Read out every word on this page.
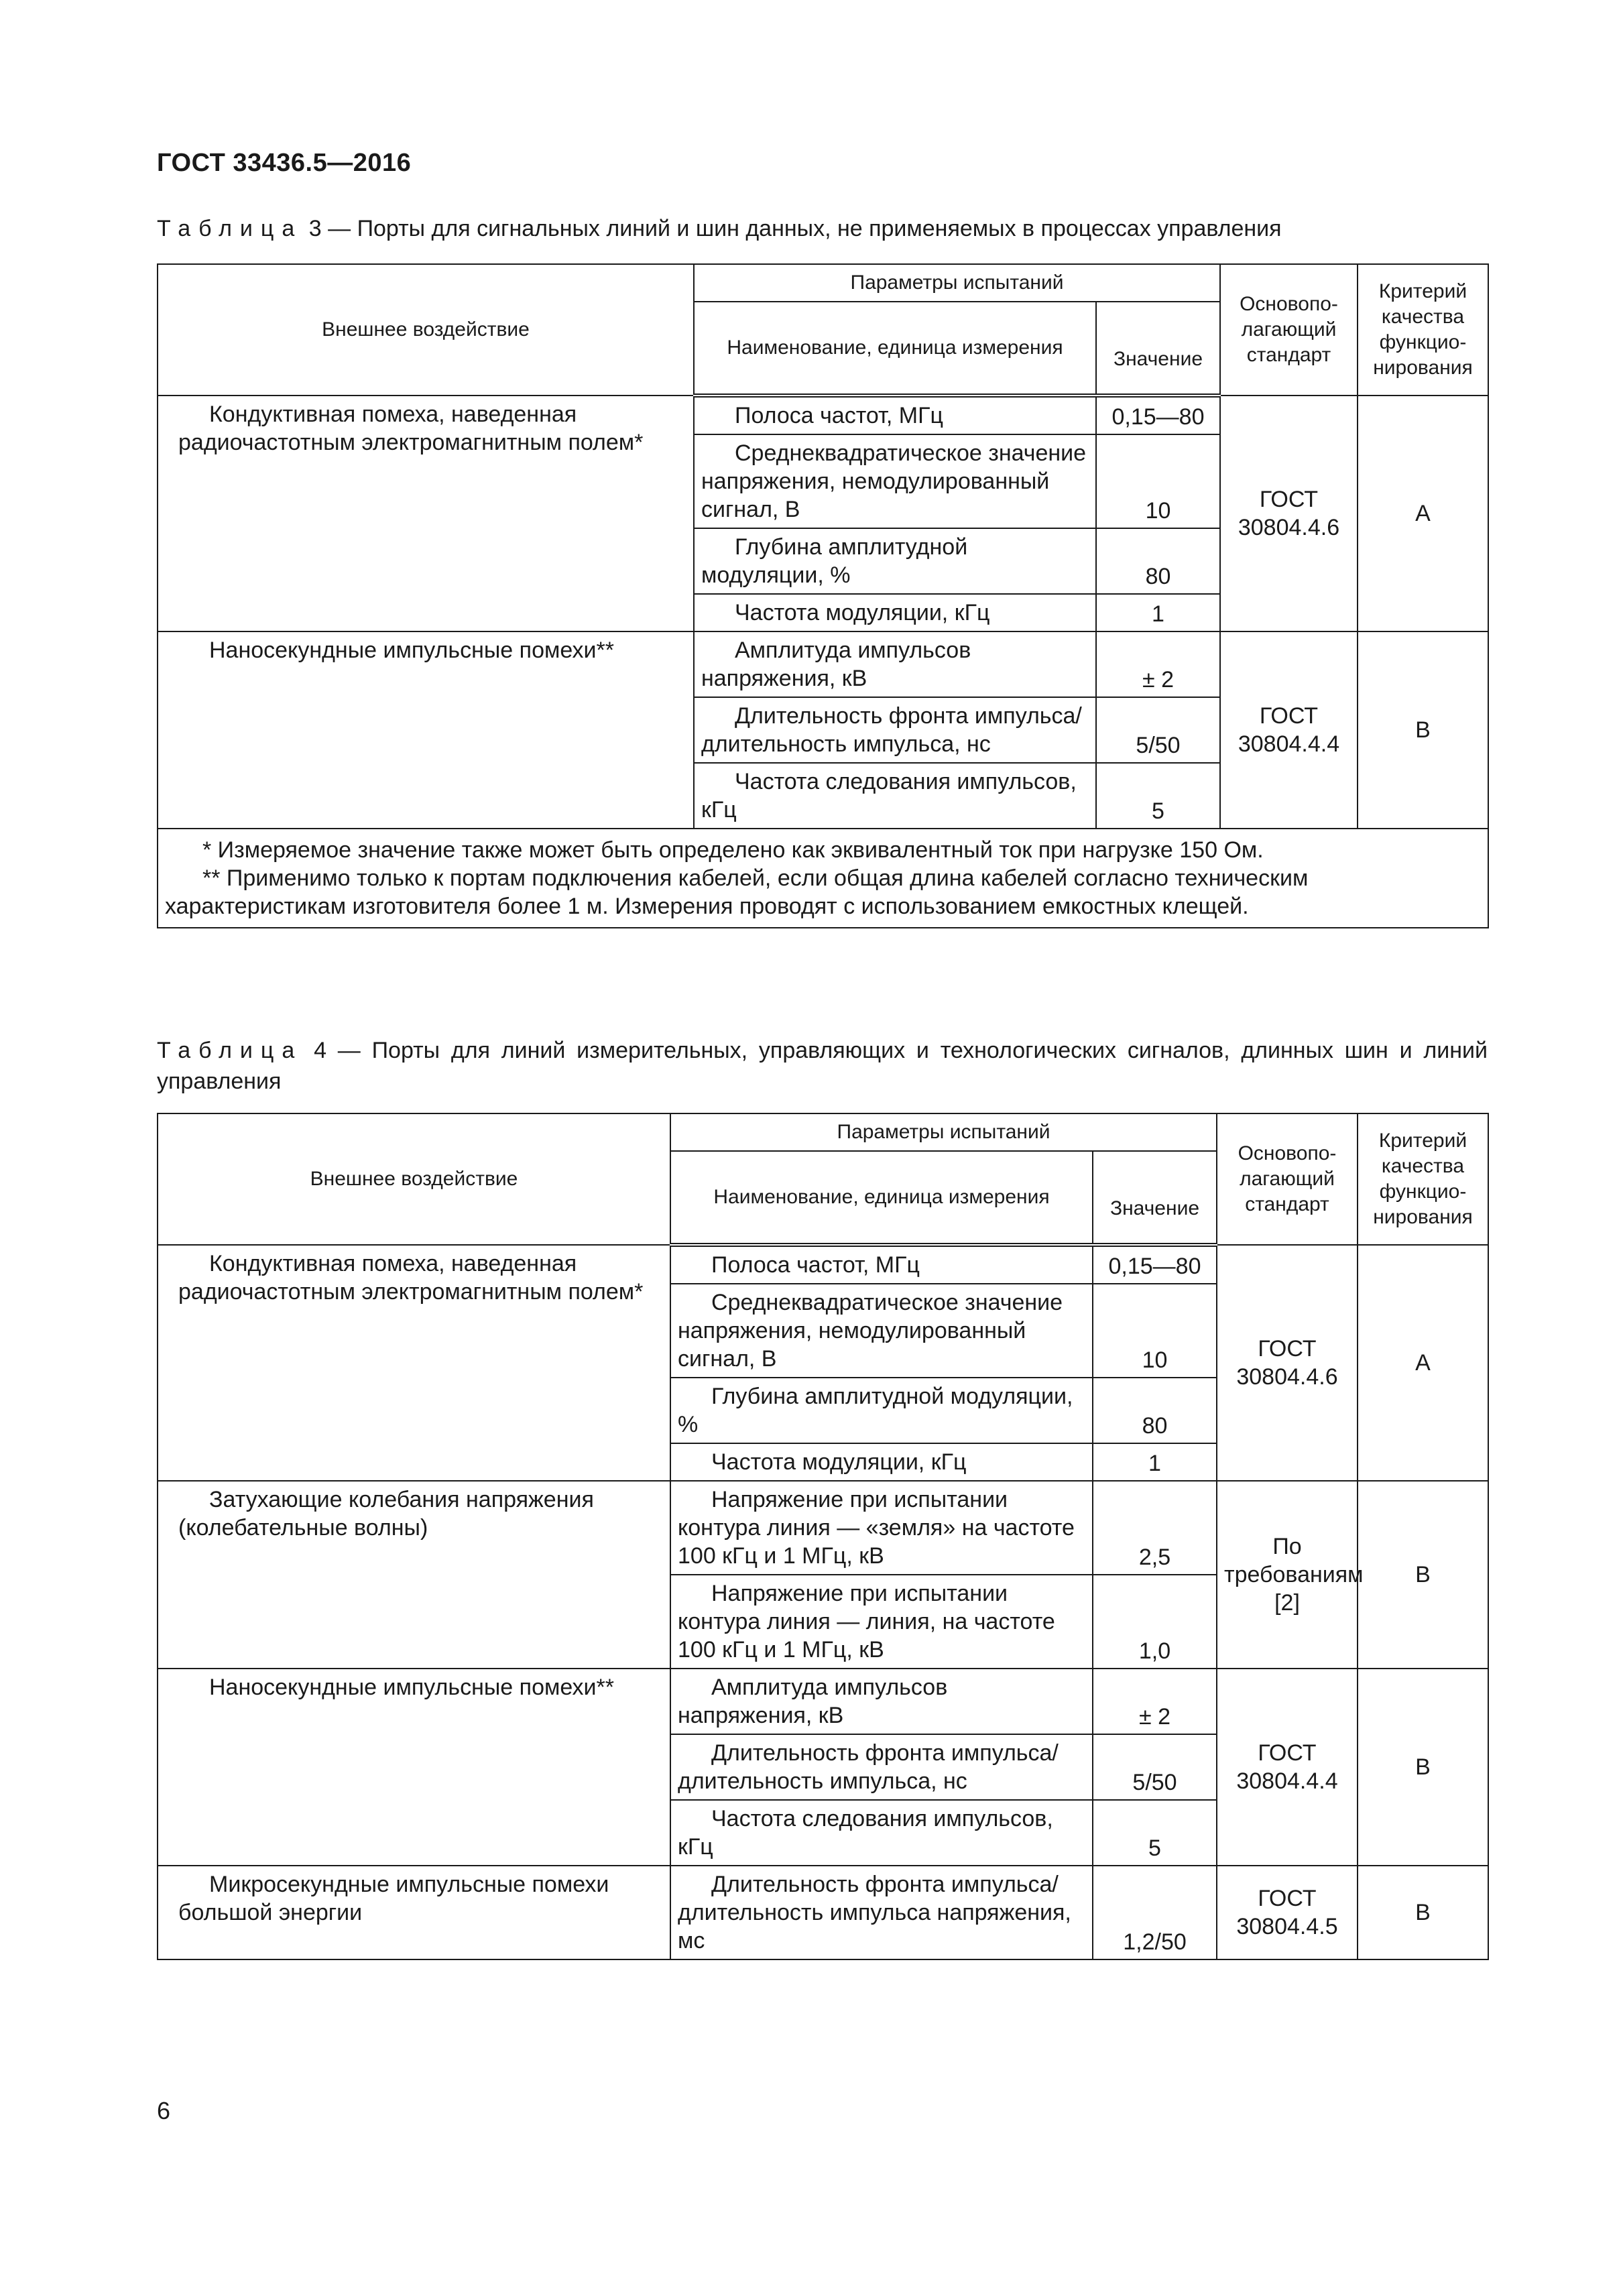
ГОСТ 33436.5—2016
Таблица 3 — Порты для сигнальных линий и шин данных, не применяемых в процессах управления
Внешнее воздействие	Параметры испытаний		Основопо-лагающий стандарт	Критерий качества функцио-нирования
	Наименование, единица измерения	Значение		

Кондуктивная помеха, наведенная радиочастотным электромагнитным полем*	Полоса частот, МГц	0,15—80	ГОСТ 30804.4.6	А

	Среднеквадратическое значение напряжения, немодулированный сигнал, В	10		

	Глубина амплитудной модуляции, %	80		

	Частота модуляции, кГц	1		

Наносекундные импульсные помехи**	Амплитуда импульсов напряжения, кВ	± 2	ГОСТ 30804.4.4	В

	Длительность фронта импульса/длительность импульса, нс	5/50		

	Частота следования импульсов, кГц	5		

* Измеряемое значение также может быть определено как эквивалентный ток при нагрузке 150 Ом.

** Применимо только к портам подключения кабелей, если общая длина кабелей согласно техническим характеристикам изготовителя более 1 м. Измерения проводят с использованием емкостных клещей.				

Таблица 4 — Порты для линий измерительных, управляющих и технологических сигналов, длинных шин и линий управления
Внешнее воздействие	Параметры испытаний		Основопо-лагающий стандарт	Критерий качества функцио-нирования
	Наименование, единица измерения	Значение		

Кондуктивная помеха, наведенная радиочастотным электромагнитным полем*	Полоса частот, МГц	0,15—80	ГОСТ 30804.4.6	А

	Среднеквадратическое значение напряжения, немодулированный сигнал, В	10		

	Глубина амплитудной модуляции, %	80		

	Частота модуляции, кГц	1		

Затухающие колебания напряжения (колебательные волны)	Напряжение при испытании контура линия — «земля» на частоте 100 кГц и 1 МГц, кВ	2,5	По требованиям [2]	В

	Напряжение при испытании контура линия — линия, на частоте 100 кГц и 1 МГц, кВ	1,0		

Наносекундные импульсные помехи**	Амплитуда импульсов напряжения, кВ	± 2	ГОСТ 30804.4.4	В

	Длительность фронта импульса/длительность импульса, нс	5/50		

	Частота следования импульсов, кГц	5		

Микросекундные импульсные помехи большой энергии	Длительность фронта импульса/длительность импульса напряжения, мс	1,2/50	ГОСТ 30804.4.5	В
6
